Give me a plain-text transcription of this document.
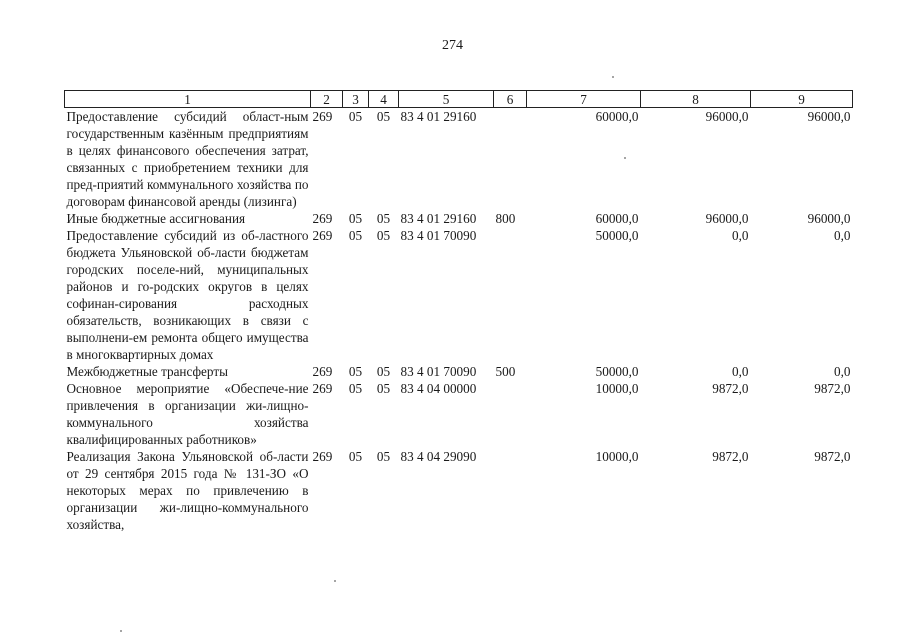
274
1	2	3	4	5	6	7	8	9
Предоставление субсидий област-ным государственным казённым предприятиям в целях финансового обеспечения затрат, связанных с приобретением техники для пред-приятий коммунального хозяйства по договорам финансовой аренды (лизинга)	269	05	05	83 4 01 29160		60000,0	96000,0	96000,0
Иные бюджетные ассигнования	269	05	05	83 4 01 29160	800	60000,0	96000,0	96000,0
Предоставление субсидий из об-ластного бюджета Ульяновской об-ласти бюджетам городских поселе-ний, муниципальных районов и го-родских округов в целях софинан-сирования расходных обязательств, возникающих в связи с выполнени-ем ремонта общего имущества в многоквартирных домах	269	05	05	83 4 01 70090		50000,0	0,0	0,0
Межбюджетные трансферты	269	05	05	83 4 01 70090	500	50000,0	0,0	0,0
Основное мероприятие «Обеспече-ние привлечения в организации жи-лищно-коммунального хозяйства квалифицированных работников»	269	05	05	83 4 04 00000		10000,0	9872,0	9872,0
Реализация Закона Ульяновской об-ласти от 29 сентября 2015 года № 131-ЗО «О некоторых мерах по привлечению в организации жи-лищно-коммунального хозяйства,	269	05	05	83 4 04 29090		10000,0	9872,0	9872,0
